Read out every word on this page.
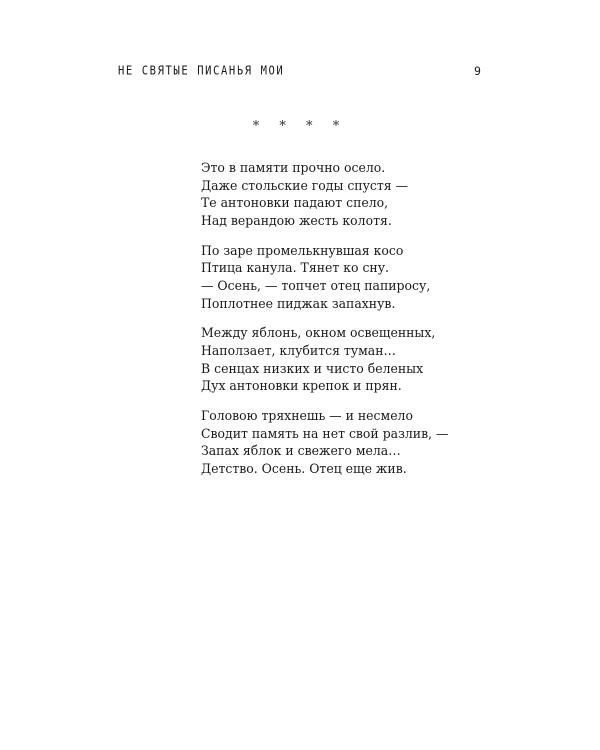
НЕ СВЯТЫЕ ПИСАНЬЯ МОИ	9
* * * *

Это в памяти прочно осело.
Даже стольские годы спустя —
Те антоновки падают спело,
Над верандою жесть колотя.

По заре промелькнувшая косо
Птица канула. Тянет ко сну.
— Осень, — топчет отец папиросу,
Поплотнее пиджак запахнув.

Между яблонь, окном освещенных,
Наползает, клубится туман…
В сенцах низких и чисто беленых
Дух антоновки крепок и прян.

Головою тряхнешь — и несмело
Сводит память на нет свой разлив, —
Запах яблок и свежего мела…
Детство. Осень. Отец еще жив.
